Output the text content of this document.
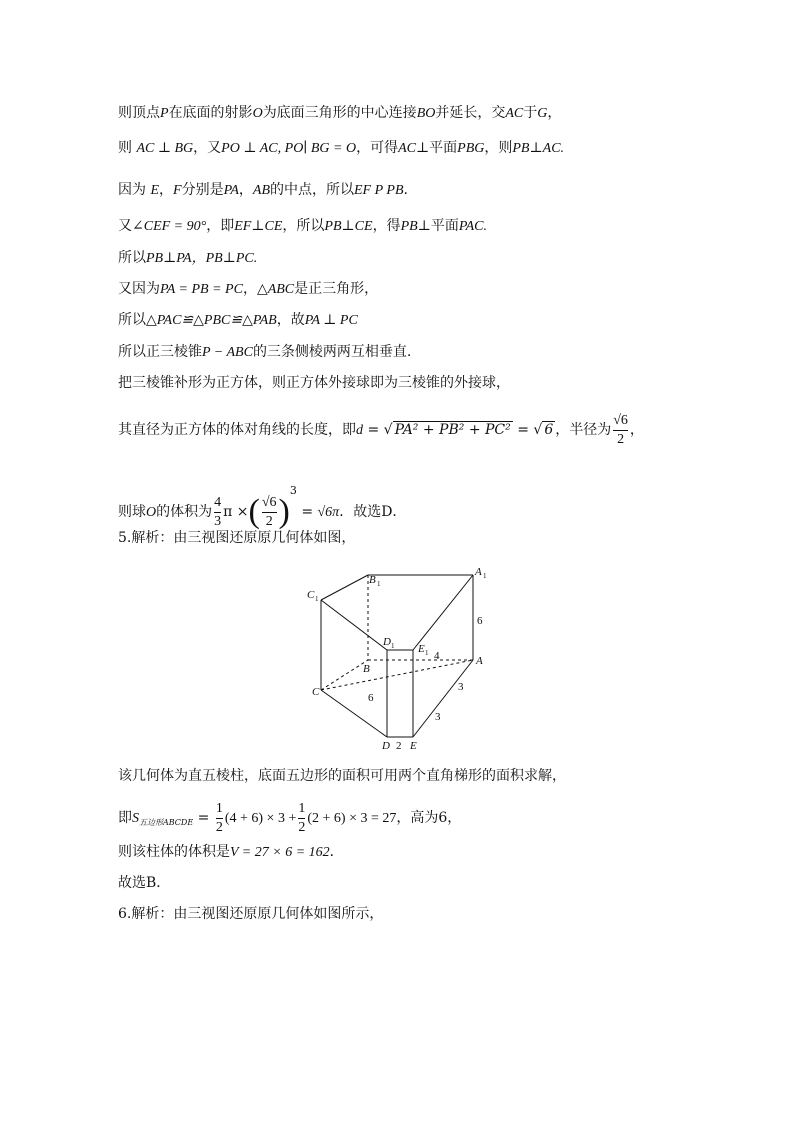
则顶点P在底面的射影O为底面三角形的中心连接BO并延长，交AC于G，
则 AC ⊥ BG，又PO ⊥ AC, PO∣ BG = O，可得AC⊥平面PBG，则PB⊥AC.
因为 E，F分别是PA，AB的中点，所以EF P PB.
又∠CEF = 90°，即EF⊥CE，所以PB⊥CE，得PB⊥平面PAC.
所以PB⊥PA，PB⊥PC.
又因为PA = PB = PC，△ABC是正三角形，
所以△PAC≌△PBC≌△PAB，故PA ⊥ PC
所以正三棱锥P − ABC的三条侧棱两两互相垂直.
把三棱锥补形为正方体，则正方体外接球即为三棱锥的外接球，
其直径为正方体的体对角线的长度，即d = √ PA² + PB² + PC² = √ 6 ，半径为 $\frac{√6}{2}$ ，
则球O的体积为 $\frac{4}{3}$ π ×( $\frac{√6}{2} )^3 = √6\pi$．故选D．
5.解析：由三视图还原原几何体如图，
C 1
B 1
A 1
D 1 E 1
B
A
C
D E
6
4
3
3
6
2
该几何体为直五棱柱，底面五边形的面积可用两个直角梯形的面积求解，
即$S_{五边形ABCDE} = \frac{1}{2} (4 + 6) \times 3 + \frac{1}{2} (2 + 6) \times 3 = 27$，高为6，
则该柱体的体积是V = 27 × 6 = 162．
故选B．
6.解析：由三视图还原原几何体如图所示，
